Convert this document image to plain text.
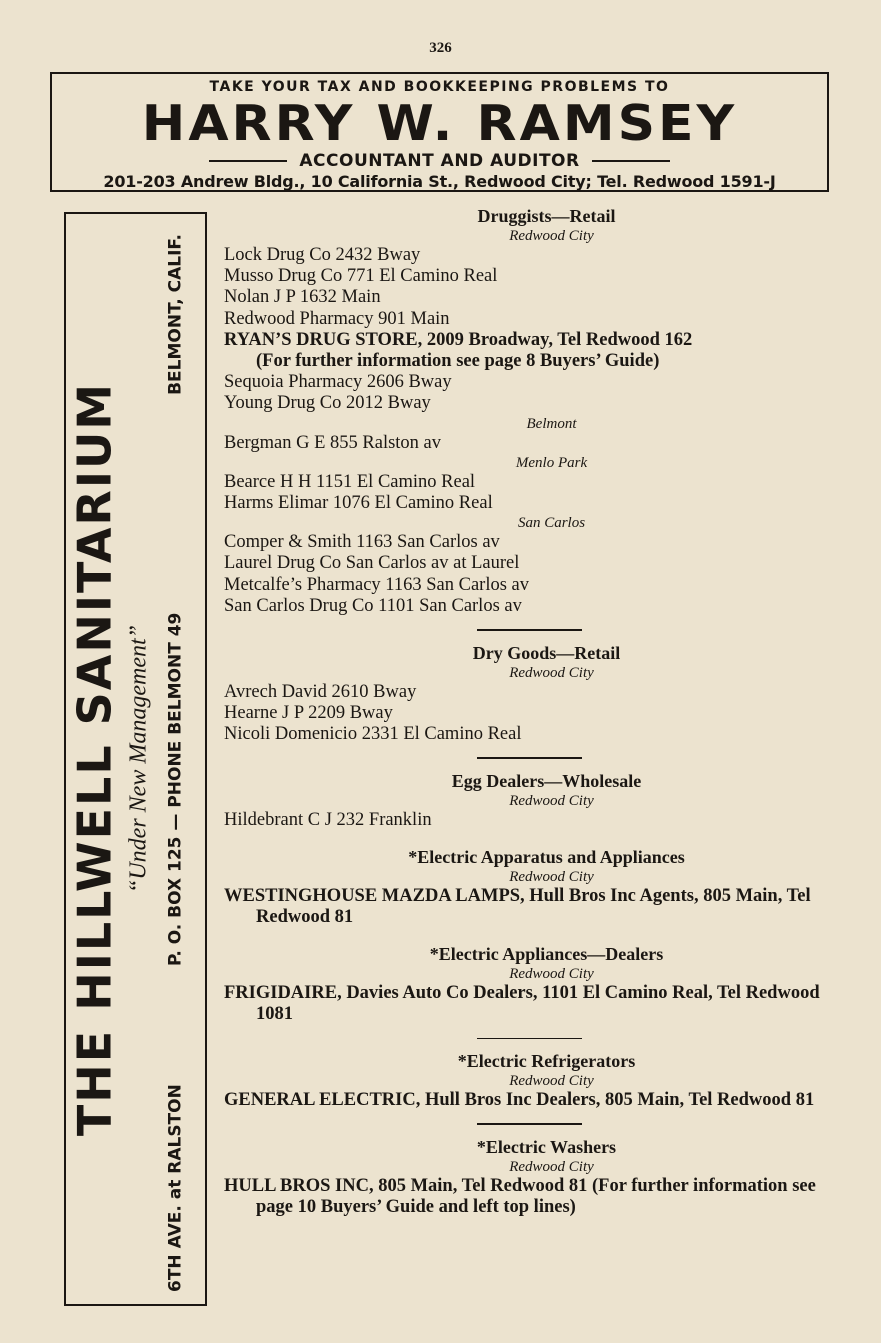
326
TAKE YOUR TAX AND BOOKKEEPING PROBLEMS TO
HARRY W. RAMSEY
ACCOUNTANT AND AUDITOR
201-203 Andrew Bldg., 10 California St., Redwood City; Tel. Redwood 1591-J
THE HILLWELL SANITARIUM “Under New Management”
6TH AVE. at RALSTON
P. O. BOX 125 — PHONE BELMONT 49
BELMONT, CALIF.
Druggists—Retail
Redwood City
Lock Drug Co 2432 Bway
Musso Drug Co 771 El Camino Real
Nolan J P 1632 Main
Redwood Pharmacy 901 Main
RYAN’S DRUG STORE, 2009 Broadway, Tel Redwood 162
(For further information see page 8 Buyers’ Guide)
Sequoia Pharmacy 2606 Bway
Young Drug Co 2012 Bway
Belmont
Bergman G E 855 Ralston av
Menlo Park
Bearce H H 1151 El Camino Real
Harms Elimar 1076 El Camino Real
San Carlos
Comper & Smith 1163 San Carlos av
Laurel Drug Co San Carlos av at Laurel
Metcalfe’s Pharmacy 1163 San Carlos av
San Carlos Drug Co 1101 San Carlos av
Dry Goods—Retail
Redwood City
Avrech David 2610 Bway
Hearne J P 2209 Bway
Nicoli Domenicio 2331 El Camino Real
Egg Dealers—Wholesale
Redwood City
Hildebrant C J 232 Franklin
*Electric Apparatus and Appliances
Redwood City
WESTINGHOUSE MAZDA LAMPS, Hull Bros Inc Agents, 805 Main, Tel Redwood 81
*Electric Appliances—Dealers
Redwood City
FRIGIDAIRE, Davies Auto Co Dealers, 1101 El Camino Real, Tel Redwood 1081
*Electric Refrigerators
Redwood City
GENERAL ELECTRIC, Hull Bros Inc Dealers, 805 Main, Tel Redwood 81
*Electric Washers
Redwood City
HULL BROS INC, 805 Main, Tel Redwood 81 (For further information see page 10 Buyers’ Guide and left top lines)
